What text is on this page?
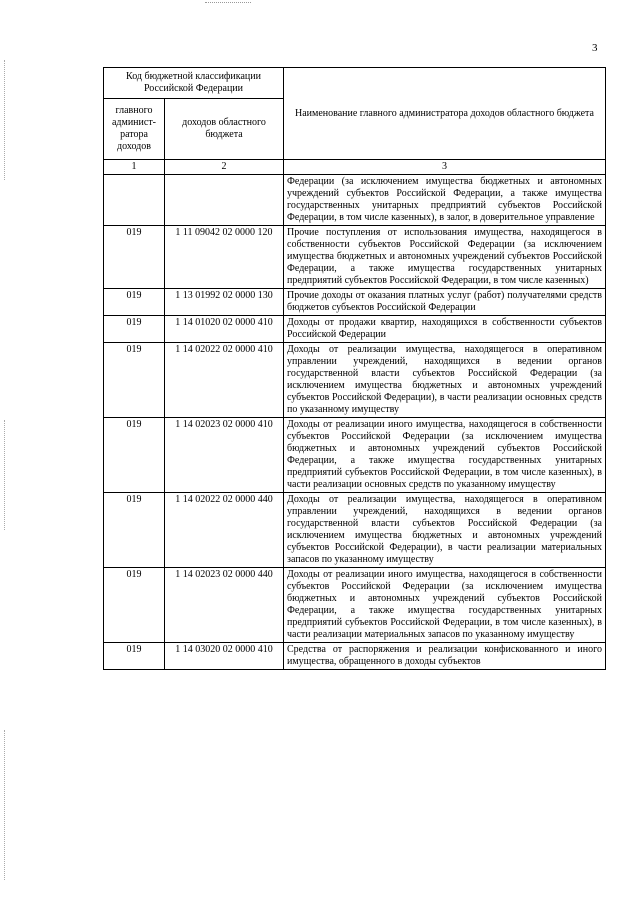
3
Код бюджетной классификации Российской Федерации		Наименование главного администратора доходов областного бюджета
главного админист-ратора доходов	доходов областного бюджета	
1	2	3
		Федерации (за исключением имущества бюджетных и автономных учреждений субъектов Российской Федерации, а также имущества государственных унитарных предприятий субъектов Российской Федерации, в том числе казенных), в залог, в доверительное управление
019	1 11 09042 02 0000 120	Прочие поступления от использования имущества, находящегося в собственности субъектов Российской Федерации (за исключением имущества бюджетных и автономных учреждений субъектов Российской Федерации, а также имущества государственных унитарных предприятий субъектов Российской Федерации, в том числе казенных)
019	1 13 01992 02 0000 130	Прочие доходы от оказания платных услуг (работ) получателями средств бюджетов субъектов Российской Федерации
019	1 14 01020 02 0000 410	Доходы от продажи квартир, находящихся в собственности субъектов Российской Федерации
019	1 14 02022 02 0000 410	Доходы от реализации имущества, находящегося в оперативном управлении учреждений, находящихся в ведении органов государственной власти субъектов Российской Федерации (за исключением имущества бюджетных и автономных учреждений субъектов Российской Федерации), в части реализации основных средств по указанному имуществу
019	1 14 02023 02 0000 410	Доходы от реализации иного имущества, находящегося в собственности субъектов Российской Федерации (за исключением имущества бюджетных и автономных учреждений субъектов Российской Федерации, а также имущества государственных унитарных предприятий субъектов Российской Федерации, в том числе казенных), в части реализации основных средств по указанному имуществу
019	1 14 02022 02 0000 440	Доходы от реализации имущества, находящегося в оперативном управлении учреждений, находящихся в ведении органов государственной власти субъектов Российской Федерации (за исключением имущества бюджетных и автономных учреждений субъектов Российской Федерации), в части реализации материальных запасов по указанному имуществу
019	1 14 02023 02 0000 440	Доходы от реализации иного имущества, находящегося в собственности субъектов Российской Федерации (за исключением имущества бюджетных и автономных учреждений субъектов Российской Федерации, а также имущества государственных унитарных предприятий субъектов Российской Федерации, в том числе казенных), в части реализации материальных запасов по указанному имуществу
019	1 14 03020 02 0000 410	Средства от распоряжения и реализации конфискованного и иного имущества, обращенного в доходы субъектов
